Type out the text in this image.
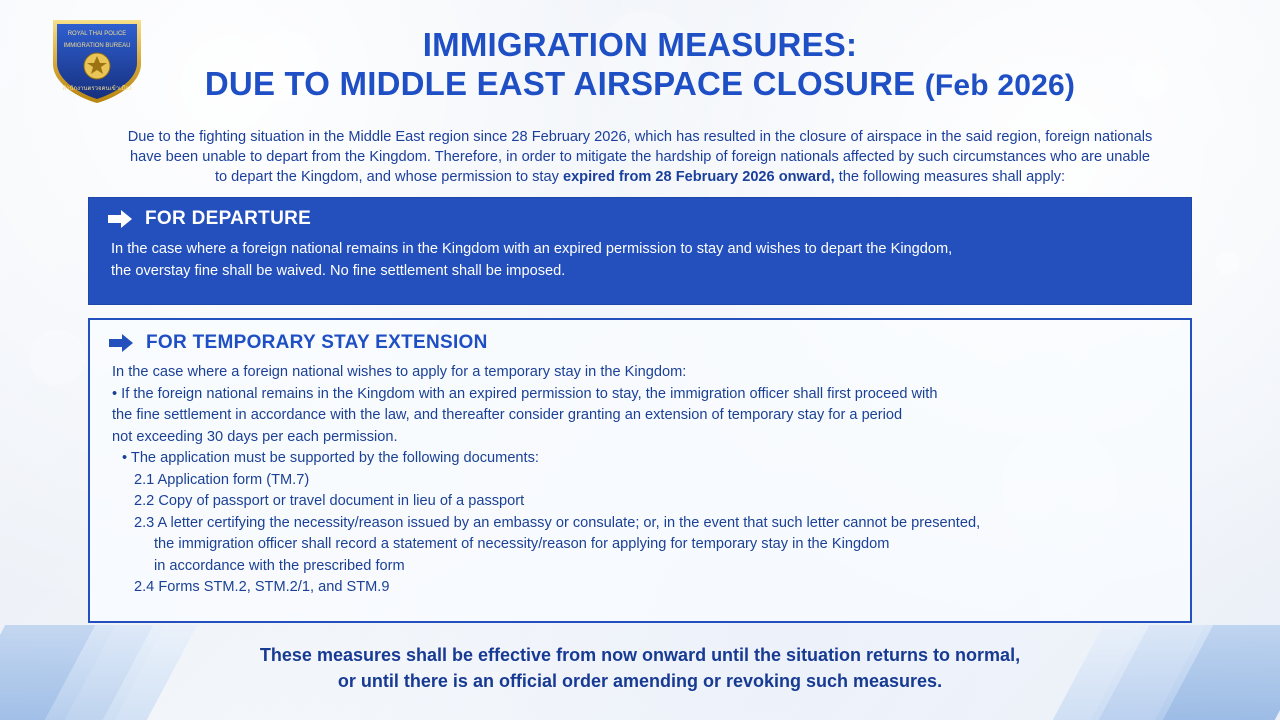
ROYAL THAI POLICE
IMMIGRATION BUREAU
สำนักงานตรวจคนเข้าเมือง
IMMIGRATION MEASURES:
DUE TO MIDDLE EAST AIRSPACE CLOSURE (Feb 2026)
Due to the fighting situation in the Middle East region since 28 February 2026, which has resulted in the closure of airspace in the said region, foreign nationals
have been unable to depart from the Kingdom. Therefore, in order to mitigate the hardship of foreign nationals affected by such circumstances who are unable
to depart the Kingdom, and whose permission to stay expired from 28 February 2026 onward, the following measures shall apply:
FOR DEPARTURE
In the case where a foreign national remains in the Kingdom with an expired permission to stay and wishes to depart the Kingdom,
the overstay fine shall be waived. No fine settlement shall be imposed.
FOR TEMPORARY STAY EXTENSION
In the case where a foreign national wishes to apply for a temporary stay in the Kingdom:
• If the foreign national remains in the Kingdom with an expired permission to stay, the immigration officer shall first proceed with
the fine settlement in accordance with the law, and thereafter consider granting an extension of temporary stay for a period
not exceeding 30 days per each permission.
• The application must be supported by the following documents:
2.1 Application form (TM.7)
2.2 Copy of passport or travel document in lieu of a passport
2.3 A letter certifying the necessity/reason issued by an embassy or consulate; or, in the event that such letter cannot be presented,
the immigration officer shall record a statement of necessity/reason for applying for temporary stay in the Kingdom
in accordance with the prescribed form
2.4 Forms STM.2, STM.2/1, and STM.9
These measures shall be effective from now onward until the situation returns to normal,
or until there is an official order amending or revoking such measures.
